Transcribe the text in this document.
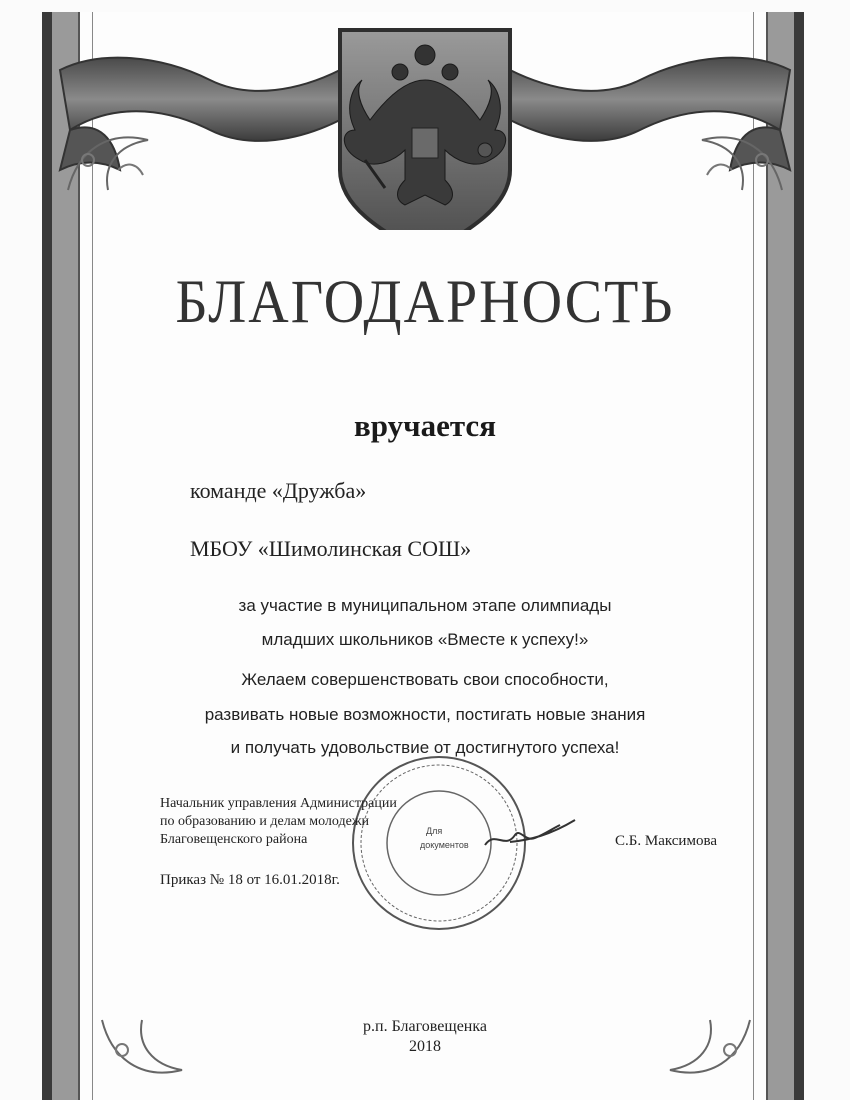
БЛАГОДАРНОСТЬ
вручается
команде «Дружба»
МБОУ «Шимолинская СОШ»
за участие в муниципальном этапе олимпиады
младших школьников «Вместе к успеху!»
Желаем совершенствовать свои способности,
развивать новые возможности, постигать новые знания
и получать удовольствие от достигнутого успеха!
Для
документов
Начальник управления Администрации
по образованию и делам молодежи
Благовещенского района	С.Б. Максимова
Приказ № 18 от 16.01.2018г.
р.п. Благовещенка
2018
